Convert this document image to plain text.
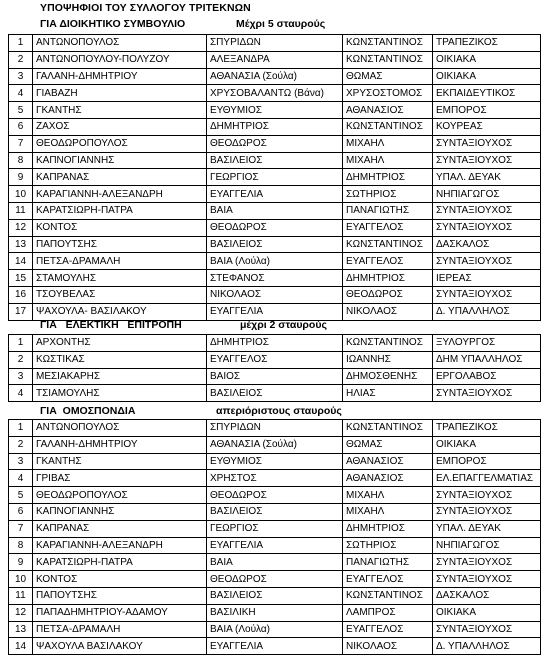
ΥΠΟΨΗΦΙΟΙ ΤΟΥ ΣΥΛΛΟΓΟΥ ΤΡΙΤΕΚΝΩΝ
ΓΙΑ ΔΙΟΙΚΗΤΙΚΟ ΣΥΜΒΟΥΛΙΟ	Μέχρι 5 σταυρούς
1	ΑΝΤΩΝΟΠΟΥΛΟΣ	ΣΠΥΡΙΔΩΝ	ΚΩΝΣΤΑΝΤΙΝΟΣ	ΤΡΑΠΕΖΙΚΟΣ
2	ΑΝΤΩΝΟΠΟΥΛΟΥ-ΠΟΛΥΖΟΥ	ΑΛΕΞΑΝΔΡΑ	ΚΩΝΣΤΑΝΤΙΝΟΣ	ΟΙΚΙΑΚΑ
3	ΓΑΛΑΝΗ-ΔΗΜΗΤΡΙΟΥ	ΑΘΑΝΑΣΙΑ (Σούλα)	ΘΩΜΑΣ	ΟΙΚΙΑΚΑ
4	ΓΙΑΒΑΖΗ	ΧΡΥΣΟΒΑΛΑΝΤΩ (Βάνα)	ΧΡΥΣΟΣΤΟΜΟΣ	ΕΚΠΑΙΔΕΥΤΙΚΟΣ
5	ΓΚΑΝΤΗΣ	ΕΥΘΥΜΙΟΣ	ΑΘΑΝΑΣΙΟΣ	ΕΜΠΟΡΟΣ
6	ΖΑΧΟΣ	ΔΗΜΗΤΡΙΟΣ	ΚΩΝΣΤΑΝΤΙΝΟΣ	ΚΟΥΡΕΑΣ
7	ΘΕΟΔΩΡΟΠΟΥΛΟΣ	ΘΕΟΔΩΡΟΣ	ΜΙΧΑΗΛ	ΣΥΝΤΑΞΙΟΥΧΟΣ
8	ΚΑΠΝΟΓΙΑΝΝΗΣ	ΒΑΣΙΛΕΙΟΣ	ΜΙΧΑΗΛ	ΣΥΝΤΑΞΙΟΥΧΟΣ
9	ΚΑΠΡΑΝΑΣ	ΓΕΩΡΓΙΟΣ	ΔΗΜΗΤΡΙΟΣ	ΥΠΑΛ. ΔΕΥΑΚ
10	ΚΑΡΑΓΙΑΝΝΗ-ΑΛΕΞΑΝΔΡΗ	ΕΥΑΓΓΕΛΙΑ	ΣΩΤΗΡΙΟΣ	ΝΗΠΙΑΓΩΓΟΣ
11	ΚΑΡΑΤΣΙΩΡΗ-ΠΑΤΡΑ	ΒΑΙΑ	ΠΑΝΑΓΙΩΤΗΣ	ΣΥΝΤΑΞΙΟΥΧΟΣ
12	ΚΟΝΤΟΣ	ΘΕΟΔΩΡΟΣ	ΕΥΑΓΓΕΛΟΣ	ΣΥΝΤΑΞΙΟΥΧΟΣ
13	ΠΑΠΟΥΤΣΗΣ	ΒΑΣΙΛΕΙΟΣ	ΚΩΝΣΤΑΝΤΙΝΟΣ	ΔΑΣΚΑΛΟΣ
14	ΠΕΤΣΑ-ΔΡΑΜΑΛΗ	ΒΑΙΑ (Λούλα)	ΕΥΑΓΓΕΛΟΣ	ΣΥΝΤΑΞΙΟΥΧΟΣ
15	ΣΤΑΜΟΥΛΗΣ	ΣΤΕΦΑΝΟΣ	ΔΗΜΗΤΡΙΟΣ	ΙΕΡΕΑΣ
16	ΤΣΟΥΒΕΛΑΣ	ΝΙΚΟΛΑΟΣ	ΘΕΟΔΩΡΟΣ	ΣΥΝΤΑΞΙΟΥΧΟΣ
17	ΨΑΧΟΥΛΑ- ΒΑΣΙΛΑΚΟΥ	ΕΥΑΓΓΕΛΙΑ	ΝΙΚΟΛΑΟΣ	Δ. ΥΠΑΛΛΗΛΟΣ
ΓΙΑ   ΕΛΕΚΤΙΚΗ   ΕΠΙΤΡΟΠΗ	μέχρι 2 σταυρούς
1	ΑΡΧΟΝΤΗΣ	ΔΗΜΗΤΡΙΟΣ	ΚΩΝΣΤΑΝΤΙΝΟΣ	ΞΥΛΟΥΡΓΟΣ
2	ΚΩΣΤΙΚΑΣ	ΕΥΑΓΓΕΛΟΣ	ΙΩΑΝΝΗΣ	ΔΗΜ ΥΠΑΛΛΗΛΟΣ
3	ΜΕΣΙΑΚΑΡΗΣ	ΒΑΙΟΣ	ΔΗΜΟΣΘΕΝΗΣ	ΕΡΓΟΛΑΒΟΣ
4	ΤΣΙΑΜΟΥΛΗΣ	ΒΑΣΙΛΕΙΟΣ	ΗΛΙΑΣ	ΣΥΝΤΑΞΙΟΥΧΟΣ
ΓΙΑ  ΟΜΟΣΠΟΝΔΙΑ	απεριόριστους σταυρούς
1	ΑΝΤΩΝΟΠΟΥΛΟΣ	ΣΠΥΡΙΔΩΝ	ΚΩΝΣΤΑΝΤΙΝΟΣ	ΤΡΑΠΕΖΙΚΟΣ
2	ΓΑΛΑΝΗ-ΔΗΜΗΤΡΙΟΥ	ΑΘΑΝΑΣΙΑ (Σούλα)	ΘΩΜΑΣ	ΟΙΚΙΑΚΑ
3	ΓΚΑΝΤΗΣ	ΕΥΘΥΜΙΟΣ	ΑΘΑΝΑΣΙΟΣ	ΕΜΠΟΡΟΣ
4	ΓΡΙΒΑΣ	ΧΡΗΣΤΟΣ	ΑΘΑΝΑΣΙΟΣ	ΕΛ.ΕΠΑΓΓΕΛΜΑΤΙΑΣ
5	ΘΕΟΔΩΡΟΠΟΥΛΟΣ	ΘΕΟΔΩΡΟΣ	ΜΙΧΑΗΛ	ΣΥΝΤΑΞΙΟΥΧΟΣ
6	ΚΑΠΝΟΓΙΑΝΝΗΣ	ΒΑΣΙΛΕΙΟΣ	ΜΙΧΑΗΛ	ΣΥΝΤΑΞΙΟΥΧΟΣ
7	ΚΑΠΡΑΝΑΣ	ΓΕΩΡΓΙΟΣ	ΔΗΜΗΤΡΙΟΣ	ΥΠΑΛ. ΔΕΥΑΚ
8	ΚΑΡΑΓΙΑΝΝΗ-ΑΛΕΞΑΝΔΡΗ	ΕΥΑΓΓΕΛΙΑ	ΣΩΤΗΡΙΟΣ	ΝΗΠΙΑΓΩΓΟΣ
9	ΚΑΡΑΤΣΙΩΡΗ-ΠΑΤΡΑ	ΒΑΙΑ	ΠΑΝΑΓΙΩΤΗΣ	ΣΥΝΤΑΞΙΟΥΧΟΣ
10	ΚΟΝΤΟΣ	ΘΕΟΔΩΡΟΣ	ΕΥΑΓΓΕΛΟΣ	ΣΥΝΤΑΞΙΟΥΧΟΣ
11	ΠΑΠΟΥΤΣΗΣ	ΒΑΣΙΛΕΙΟΣ	ΚΩΝΣΤΑΝΤΙΝΟΣ	ΔΑΣΚΑΛΟΣ
12	ΠΑΠΑΔΗΜΗΤΡΙΟΥ-ΑΔΑΜΟΥ	ΒΑΣΙΛΙΚΗ	ΛΑΜΠΡΟΣ	ΟΙΚΙΑΚΑ
13	ΠΕΤΣΑ-ΔΡΑΜΑΛΗ	ΒΑΙΑ (Λούλα)	ΕΥΑΓΓΕΛΟΣ	ΣΥΝΤΑΞΙΟΥΧΟΣ
14	ΨΑΧΟΥΛΑ ΒΑΣΙΛΑΚΟΥ	ΕΥΑΓΓΕΛΙΑ	ΝΙΚΟΛΑΟΣ	Δ. ΥΠΑΛΛΗΛΟΣ
